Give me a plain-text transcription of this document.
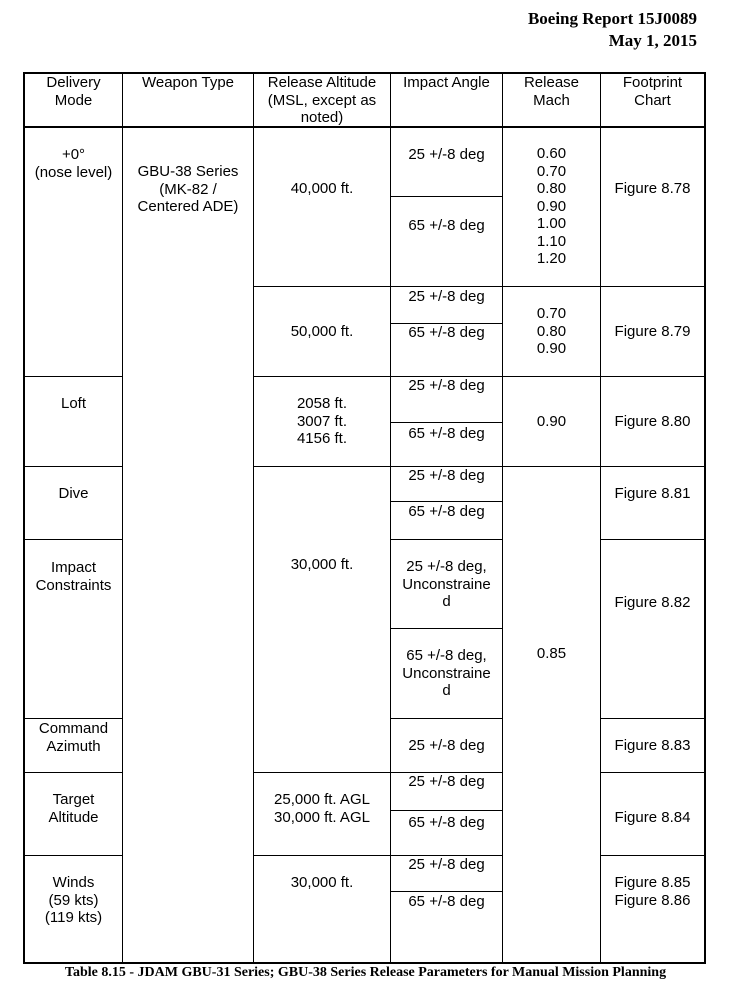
Boeing Report 15J0089
May 1, 2015
Delivery
Mode
Weapon Type Release Altitude
(MSL, except as
noted)
Impact Angle Release
Mach
Footprint
Chart
+0°
(nose level)
Loft
Dive
Impact
Constraints
Command
Azimuth
Target
Altitude
Winds
(59 kts)
(119 kts)
GBU-38 Series
(MK-82 /
Centered ADE)
40,000 ft.
50,000 ft.
2058 ft.
3007 ft.
4156 ft.
30,000 ft.
25,000 ft. AGL
30,000 ft. AGL
30,000 ft.
25 +/-8 deg
65 +/-8 deg
25 +/-8 deg
65 +/-8 deg
25 +/-8 deg
65 +/-8 deg
25 +/-8 deg
65 +/-8 deg
25 +/-8 deg,
Unconstraine
d
65 +/-8 deg,
Unconstraine
d
25 +/-8 deg
25 +/-8 deg
65 +/-8 deg
25 +/-8 deg
65 +/-8 deg
0.60
0.70
0.80
0.90
1.00
1.10
1.20
0.70
0.80
0.90
0.90
0.85
Figure 8.78
Figure 8.79
Figure 8.80
Figure 8.81
Figure 8.82
Figure 8.83
Figure 8.84
Figure 8.85
Figure 8.86
Table 8.15 - JDAM GBU-31 Series; GBU-38 Series Release Parameters for Manual Mission Planning
